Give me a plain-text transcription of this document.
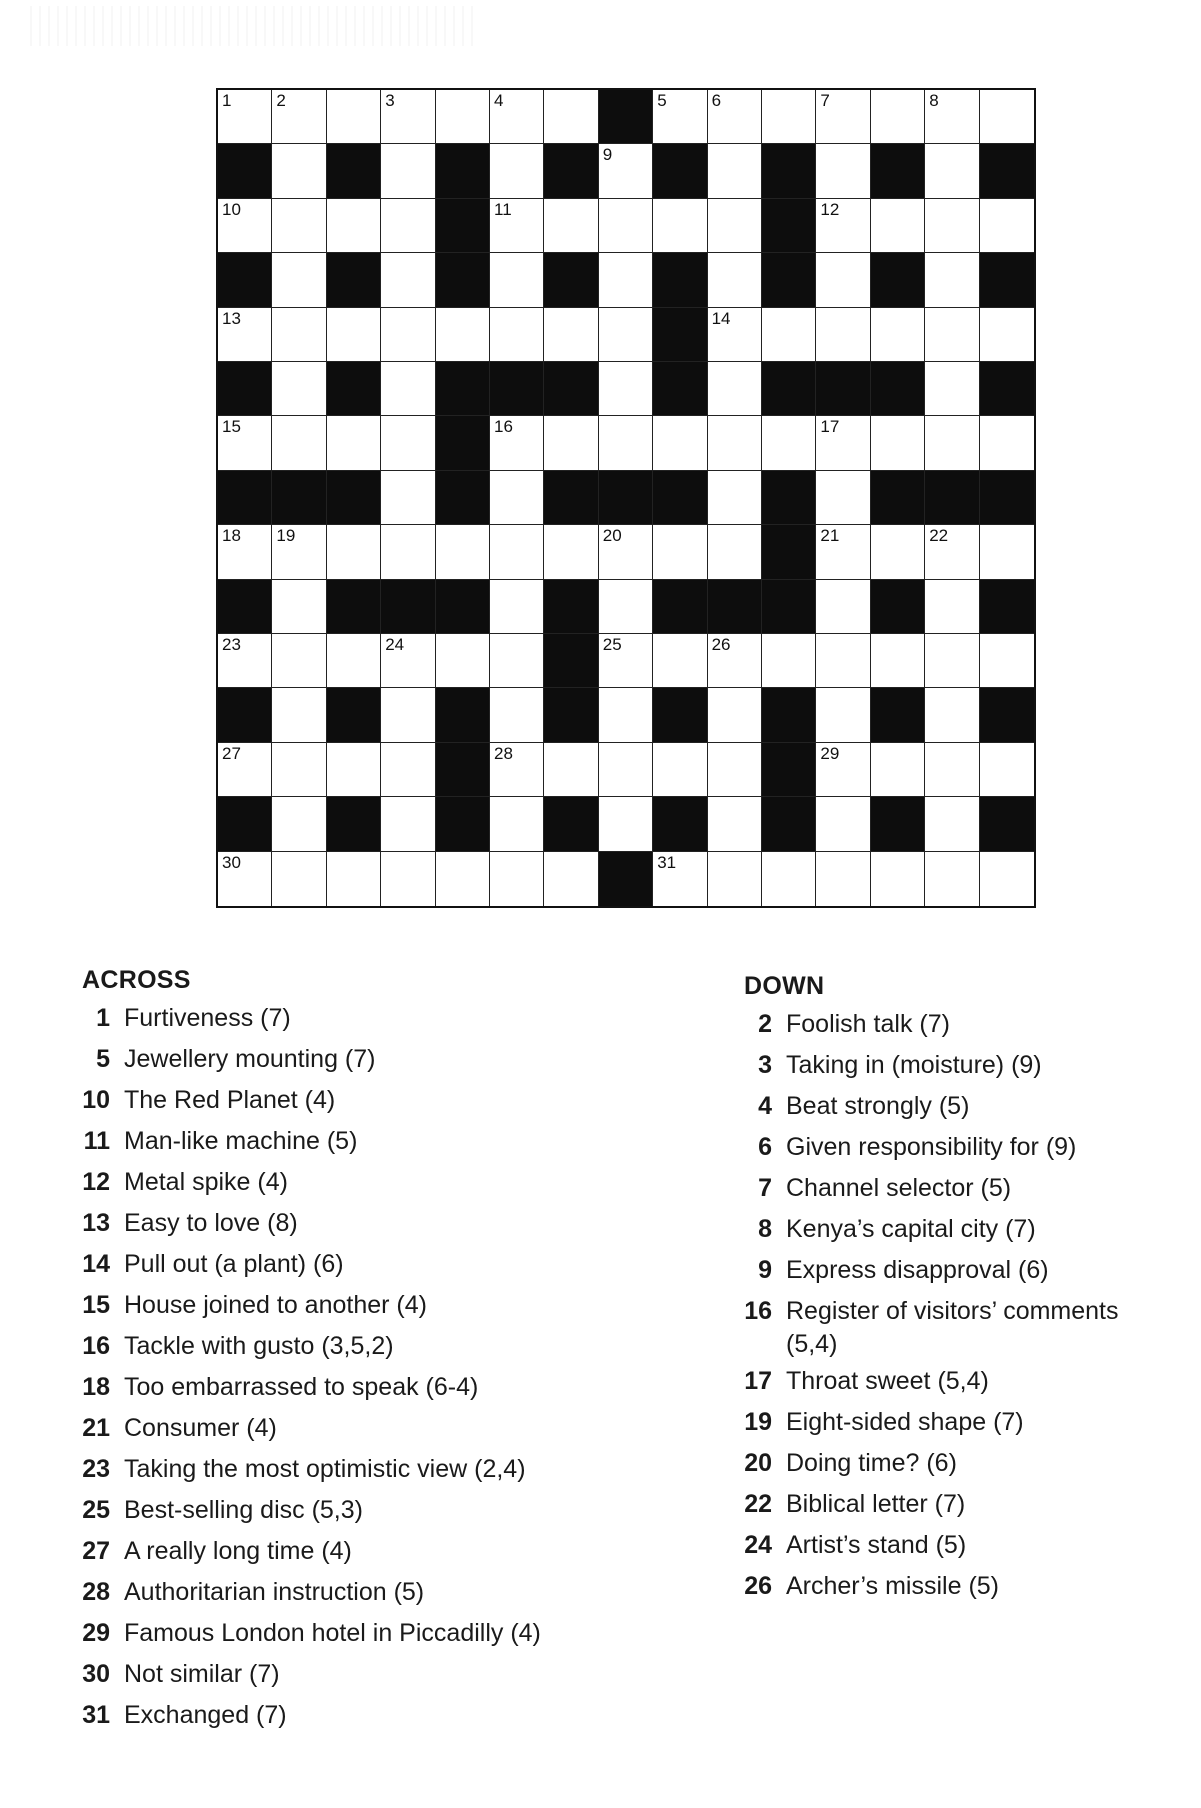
1	2	3	4	5	6	7	8
9
10	11	12
13	14
15	16	17
18 19	20	21	22
23	24	25	26
27	28	29
30	31
ACROSS
1 Furtiveness (7)
5 Jewellery mounting (7)
10 The Red Planet (4)
11 Man-like machine (5)
12 Metal spike (4)
13 Easy to love (8)
14 Pull out (a plant) (6)
15 House joined to another (4)
16 Tackle with gusto (3,5,2)
18 Too embarrassed to speak (6-4)
21 Consumer (4)
23 Taking the most optimistic view (2,4)
25 Best-selling disc (5,3)
27 A really long time (4)
28 Authoritarian instruction (5)
29 Famous London hotel in Piccadilly (4)
30 Not similar (7)
31 Exchanged (7)
DOWN
2 Foolish talk (7)
3 Taking in (moisture) (9)
4 Beat strongly (5)
6 Given responsibility for (9)
7 Channel selector (5)
8 Kenya’s capital city (7)
9 Express disapproval (6)
16 Register of visitors’ comments (5,4)
17 Throat sweet (5,4)
19 Eight-sided shape (7)
20 Doing time? (6)
22 Biblical letter (7)
24 Artist’s stand (5)
26 Archer’s missile (5)
